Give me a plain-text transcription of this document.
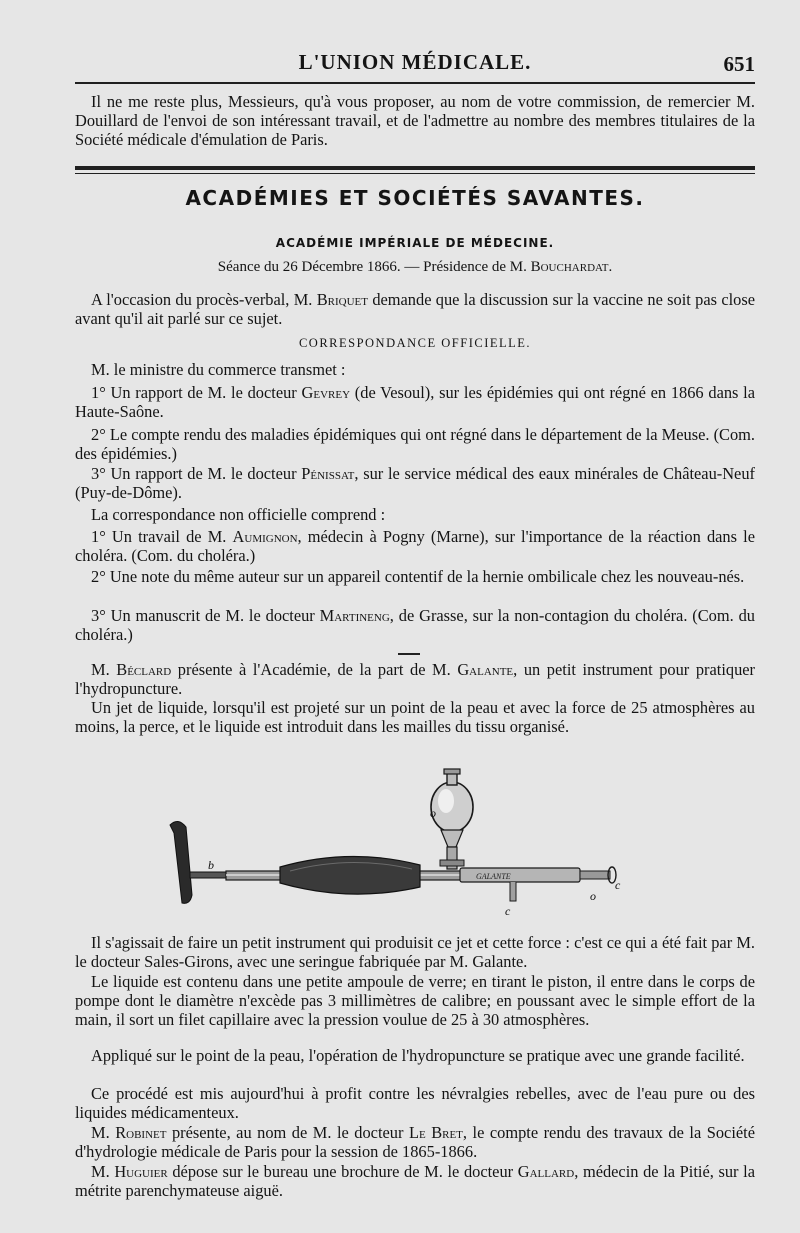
L'UNION MÉDICALE.	651

Il ne me reste plus, Messieurs, qu'à vous proposer, au nom de votre commission, de remercier M. Douillard de l'envoi de son intéressant travail, et de l'admettre au nombre des membres titulaires de la Société médicale d'émulation de Paris.

ACADÉMIES ET SOCIÉTÉS SAVANTES.
ACADÉMIE IMPÉRIALE DE MÉDECINE.

Séance du 26 Décembre 1866. — Présidence de M. Bouchardat.

A l'occasion du procès-verbal, M. Briquet demande que la discussion sur la vaccine ne soit pas close avant qu'il ait parlé sur ce sujet.

CORRESPONDANCE OFFICIELLE.

M. le ministre du commerce transmet :

1° Un rapport de M. le docteur Gevrey (de Vesoul), sur les épidémies qui ont régné en 1866 dans la Haute-Saône.

2° Le compte rendu des maladies épidémiques qui ont régné dans le département de la Meuse. (Com. des épidémies.)

3° Un rapport de M. le docteur Pénissat, sur le service médical des eaux minérales de Château-Neuf (Puy-de-Dôme).

La correspondance non officielle comprend :

1° Un travail de M. Aumignon, médecin à Pogny (Marne), sur l'importance de la réaction dans le choléra. (Com. du choléra.)

2° Une note du même auteur sur un appareil contentif de la hernie ombilicale chez les nouveau-nés.

3° Un manuscrit de M. le docteur Martineng, de Grasse, sur la non-contagion du choléra. (Com. du choléra.)

M. Béclard présente à l'Académie, de la part de M. Galante, un petit instrument pour pratiquer l'hydropuncture.

Un jet de liquide, lorsqu'il est projeté sur un point de la peau et avec la force de 25 atmosphères au moins, la perce, et le liquide est introduit dans les mailles du tissu organisé.

GALANTE
b
o
o
c
c

Il s'agissait de faire un petit instrument qui produisit ce jet et cette force : c'est ce qui a été fait par M. le docteur Sales-Girons, avec une seringue fabriquée par M. Galante.

Le liquide est contenu dans une petite ampoule de verre; en tirant le piston, il entre dans le corps de pompe dont le diamètre n'excède pas 3 millimètres de calibre; en poussant avec le simple effort de la main, il sort un filet capillaire avec la pression voulue de 25 à 30 atmosphères.

Appliqué sur le point de la peau, l'opération de l'hydropuncture se pratique avec une grande facilité.

Ce procédé est mis aujourd'hui à profit contre les névralgies rebelles, avec de l'eau pure ou des liquides médicamenteux.

M. Robinet présente, au nom de M. le docteur Le Bret, le compte rendu des travaux de la Société d'hydrologie médicale de Paris pour la session de 1865-1866.

M. Huguier dépose sur le bureau une brochure de M. le docteur Gallard, médecin de la Pitié, sur la métrite parenchymateuse aiguë.
